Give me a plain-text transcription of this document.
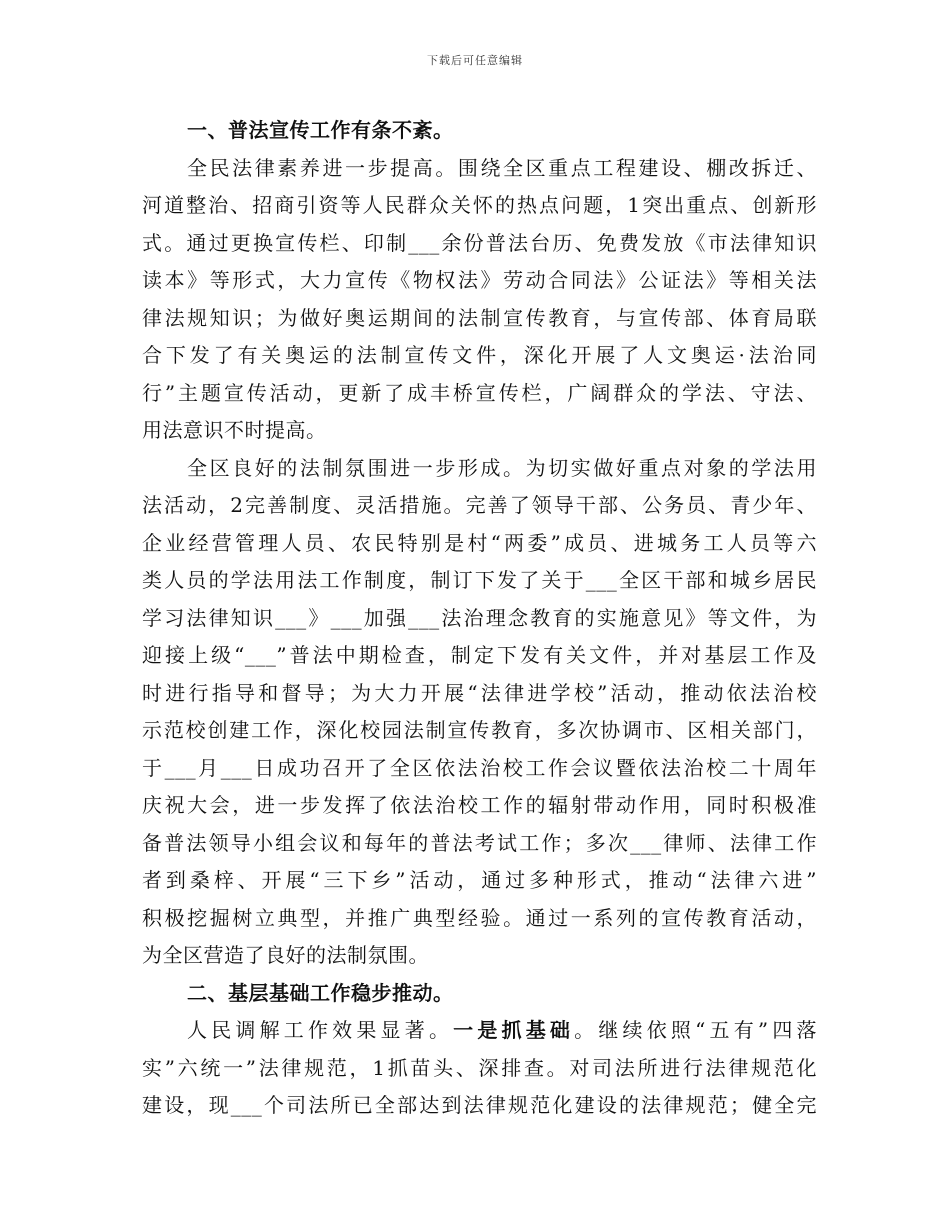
下载后可任意编辑
一、普法宣传工作有条不紊。
全民法律素养进一步提高。围绕全区重点工程建设、棚改拆迁、
河道整治、招商引资等人民群众关怀的热点问题，1突出重点、创新形
式。通过更换宣传栏、印制___余份普法台历、免费发放《市法律知识
读本》等形式，大力宣传《物权法》劳动合同法》公证法》等相关法
律法规知识；为做好奥运期间的法制宣传教育，与宣传部、体育局联
合下发了有关奥运的法制宣传文件，深化开展了人文奥运·法治同
行”主题宣传活动，更新了成丰桥宣传栏，广阔群众的学法、守法、
用法意识不时提高。
全区良好的法制氛围进一步形成。为切实做好重点对象的学法用
法活动，2完善制度、灵活措施。完善了领导干部、公务员、青少年、
企业经营管理人员、农民特别是村“两委”成员、进城务工人员等六
类人员的学法用法工作制度，制订下发了关于___全区干部和城乡居民
学习法律知识___》___加强___法治理念教育的实施意见》等文件，为
迎接上级“___”普法中期检查，制定下发有关文件，并对基层工作及
时进行指导和督导；为大力开展“法律进学校”活动，推动依法治校
示范校创建工作，深化校园法制宣传教育，多次协调市、区相关部门，
于___月___日成功召开了全区依法治校工作会议暨依法治校二十周年
庆祝大会，进一步发挥了依法治校工作的辐射带动作用，同时积极准
备普法领导小组会议和每年的普法考试工作；多次___律师、法律工作
者到桑梓、开展“三下乡”活动，通过多种形式，推动“法律六进”
积极挖掘树立典型，并推广典型经验。通过一系列的宣传教育活动，
为全区营造了良好的法制氛围。
二、基层基础工作稳步推动。
人民调解工作效果显著。一是抓基础。继续依照“五有”四落
实”六统一”法律规范，1抓苗头、深排查。对司法所进行法律规范化
建设，现___个司法所已全部达到法律规范化建设的法律规范；健全完
